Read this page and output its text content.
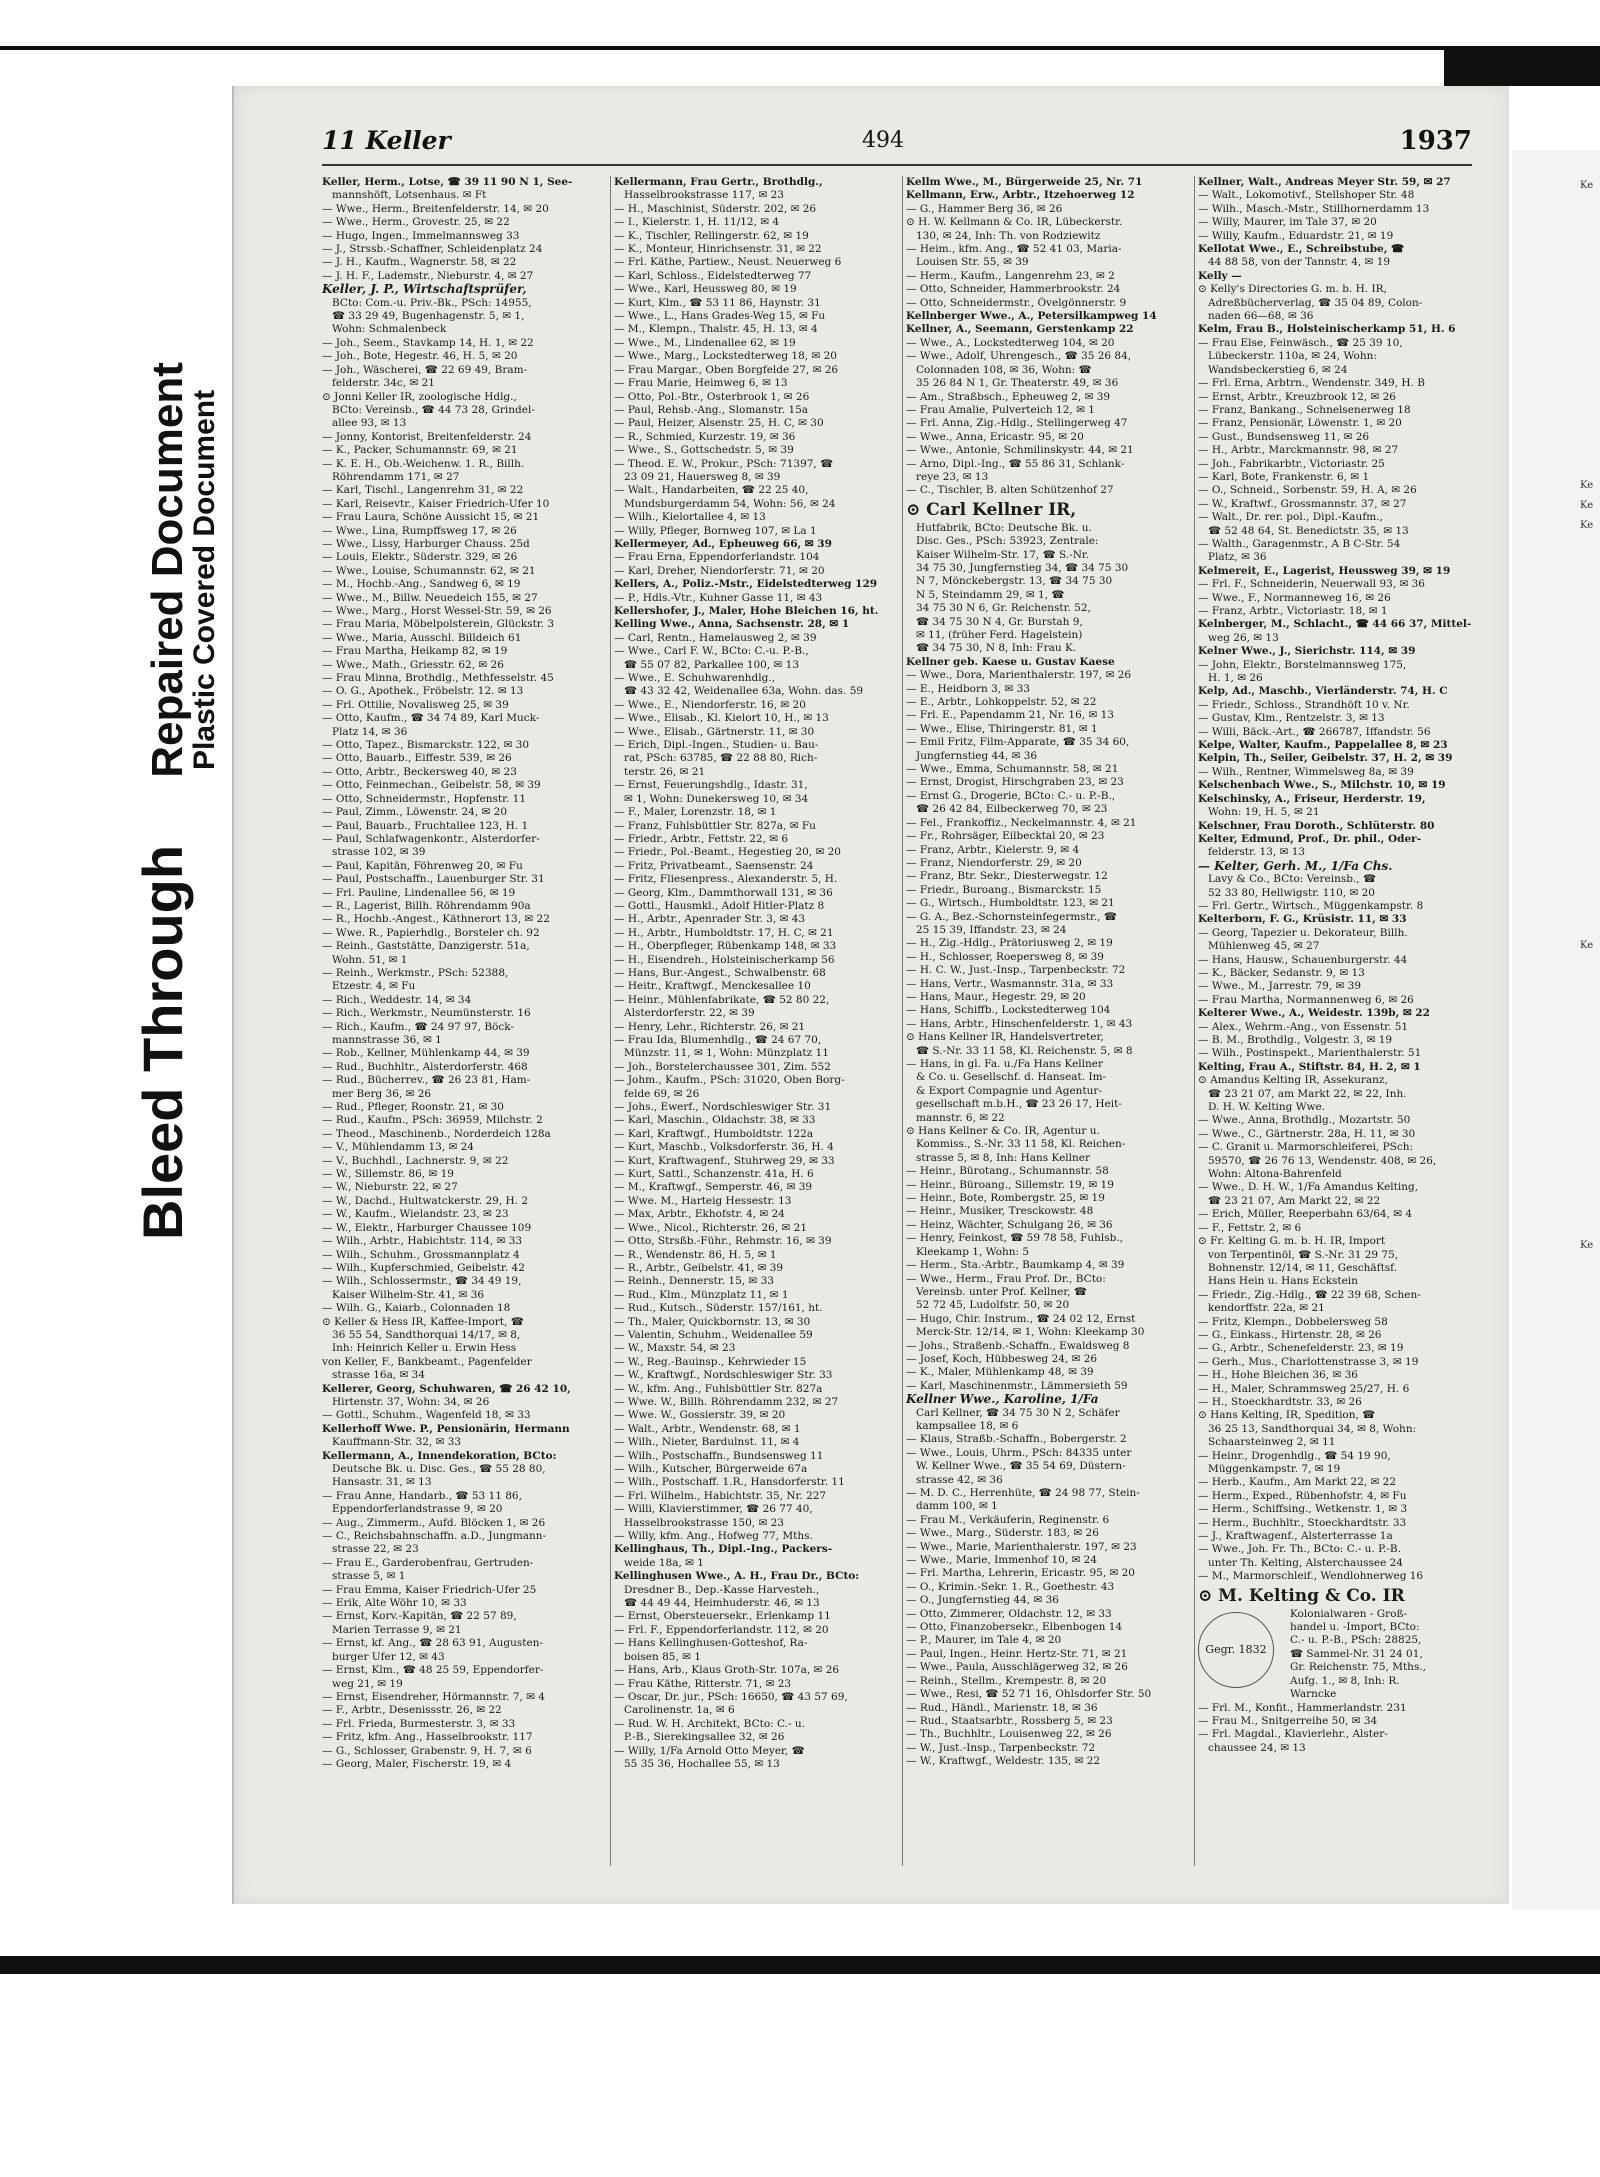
Bleed Through  Repaired Document
Plastic Covered Document
11 Keller	494	1937
Keller, Herm., Lotse, ☎ 39 11 90 N 1, See-
mannshöft, Lotsenhaus. ✉ Ft
— Wwe., Herm., Breitenfelderstr. 14, ✉ 20
— Wwe., Herm., Grovestr. 25, ✉ 22
— Hugo, Ingen., Immelmannsweg 33
— J., Strssb.-Schaffner, Schleidenplatz 24
— J. H., Kaufm., Wagnerstr. 58, ✉ 22
— J. H. F., Lademstr., Nieburstr. 4, ✉ 27
Keller, J. P., Wirtschaftsprüfer,
BCto: Com.-u. Priv.-Bk., PSch: 14955,
☎ 33 29 49, Bugenhagenstr. 5, ✉ 1,
Wohn: Schmalenbeck
— Joh., Seem., Stavkamp 14, H. 1, ✉ 22
— Joh., Bote, Hegestr. 46, H. 5, ✉ 20
— Joh., Wäscherei, ☎ 22 69 49, Bram-
felderstr. 34c, ✉ 21
⊙ Jonni Keller IR, zoologische Hdlg.,
BCto: Vereinsb., ☎ 44 73 28, Grindel-
allee 93, ✉ 13
— Jonny, Kontorist, Breitenfelderstr. 24
— K., Packer, Schumannstr. 69, ✉ 21
— K. E. H., Ob.-Weichenw. 1. R., Billh.
Röhrendamm 171, ✉ 27
— Karl, Tischl., Langenrehm 31, ✉ 22
— Karl, Reisevtr., Kaiser Friedrich-Ufer 10
— Frau Laura, Schöne Aussicht 15, ✉ 21
— Wwe., Lina, Rumpffsweg 17, ✉ 26
— Wwe., Lissy, Harburger Chauss. 25d
— Louis, Elektr., Süderstr. 329, ✉ 26
— Wwe., Louise, Schumannstr. 62, ✉ 21
— M., Hochb.-Ang., Sandweg 6, ✉ 19
— Wwe., M., Billw. Neuedeich 155, ✉ 27
— Wwe., Marg., Horst Wessel-Str. 59, ✉ 26
— Frau Maria, Möbelpolsterein, Glückstr. 3
— Wwe., Maria, Ausschl. Billdeich 61
— Frau Martha, Heikamp 82, ✉ 19
— Wwe., Math., Griesstr. 62, ✉ 26
— Frau Minna, Brothdlg., Methfesselstr. 45
— O. G., Apothek., Fröbelstr. 12. ✉ 13
— Frl. Ottilie, Novalisweg 25, ✉ 39
— Otto, Kaufm., ☎ 34 74 89, Karl Muck-
Platz 14, ✉ 36
— Otto, Tapez., Bismarckstr. 122, ✉ 30
— Otto, Bauarb., Eiffestr. 539, ✉ 26
— Otto, Arbtr., Beckersweg 40, ✉ 23
— Otto, Feinmechan., Geibelstr. 58, ✉ 39
— Otto, Schneidermstr., Hopfenstr. 11
— Paul, Zimm., Löwenstr. 24, ✉ 20
— Paul, Bauarb., Fruchtallee 123, H. 1
— Paul, Schlafwagenkontr., Alsterdorfer-
strasse 102, ✉ 39
— Paul, Kapitän, Föhrenweg 20, ✉ Fu
— Paul, Postschaffn., Lauenburger Str. 31
— Frl. Pauline, Lindenallee 56, ✉ 19
— R., Lagerist, Billh. Röhrendamm 90a
— R., Hochb.-Angest., Käthnerort 13, ✉ 22
— Wwe. R., Papierhdlg., Borsteler ch. 92
— Reinh., Gaststätte, Danzigerstr. 51a,
Wohn. 51, ✉ 1
— Reinh., Werkmstr., PSch: 52388,
Etzestr. 4, ✉ Fu
— Rich., Weddestr. 14, ✉ 34
— Rich., Werkmstr., Neumünsterstr. 16
— Rich., Kaufm., ☎ 24 97 97, Böck-
mannstrasse 36, ✉ 1
— Rob., Kellner, Mühlenkamp 44, ✉ 39
— Rud., Buchhltr., Alsterdorferstr. 468
— Rud., Bücherrev., ☎ 26 23 81, Ham-
mer Berg 36, ✉ 26
— Rud., Pfleger, Roonstr. 21, ✉ 30
— Rud., Kaufm., PSch: 36959, Milchstr. 2
— Theod., Maschinenb., Norderdeich 128a
— V., Mühlendamm 13, ✉ 24
— V., Buchhdl., Lachnerstr. 9, ✉ 22
— W., Sillemstr. 86, ✉ 19
— W., Nieburstr. 22, ✉ 27
— W., Dachd., Hultwatckerstr. 29, H. 2
— W., Kaufm., Wielandstr. 23, ✉ 23
— W., Elektr., Harburger Chaussee 109
— Wilh., Arbtr., Habichtstr. 114, ✉ 33
— Wilh., Schuhm., Grossmannplatz 4
— Wilh., Kupferschmied, Geibelstr. 42
— Wilh., Schlossermstr., ☎ 34 49 19,
Kaiser Wilhelm-Str. 41, ✉ 36
— Wilh. G., Kaiarb., Colonnaden 18
⊙ Keller & Hess IR, Kaffee-Import, ☎
36 55 54, Sandthorquai 14/17, ✉ 8,
Inh: Heinrich Keller u. Erwin Hess
von Keller, F., Bankbeamt., Pagenfelder
strasse 16a, ✉ 34
Kellerer, Georg, Schuhwaren, ☎ 26 42 10,
Hirtenstr. 37, Wohn: 34, ✉ 26
— Gottl., Schuhm., Wagenfeld 18, ✉ 33
Kellerhoff Wwe. P., Pensionärin, Hermann
Kauffmann-Str. 32, ✉ 33
Kellermann, A., Innendekoration, BCto:
Deutsche Bk. u. Disc. Ges., ☎ 55 28 80,
Hansastr. 31, ✉ 13
— Frau Anne, Handarb., ☎ 53 11 86,
Eppendorferlandstrasse 9, ✉ 20
— Aug., Zimmerm., Aufd. Blöcken 1, ✉ 26
— C., Reichsbahnschaffn. a.D., Jungmann-
strasse 22, ✉ 23
— Frau E., Garderobenfrau, Gertruden-
strasse 5, ✉ 1
— Frau Emma, Kaiser Friedrich-Ufer 25
— Erik, Alte Wöhr 10, ✉ 33
— Ernst, Korv.-Kapitän, ☎ 22 57 89,
Marien Terrasse 9, ✉ 21
— Ernst, kf. Ang., ☎ 28 63 91, Augusten-
burger Ufer 12, ✉ 43
— Ernst, Klm., ☎ 48 25 59, Eppendorfer-
weg 21, ✉ 19
— Ernst, Eisendreher, Hörmannstr. 7, ✉ 4
— F., Arbtr., Desenissstr. 26, ✉ 22
— Frl. Frieda, Burmesterstr. 3, ✉ 33
— Fritz, kfm. Ang., Hasselbrookstr. 117
— G., Schlosser, Grabenstr. 9, H. 7, ✉ 6
— Georg, Maler, Fischerstr. 19, ✉ 4
Kellermann, Frau Gertr., Brothdlg.,
Hasselbrookstrasse 117, ✉ 23
— H., Maschinist, Süderstr. 202, ✉ 26
— I., Kielerstr. 1, H. 11/12, ✉ 4
— K., Tischler, Rellingerstr. 62, ✉ 19
— K., Monteur, Hinrichsenstr. 31, ✉ 22
— Frl. Käthe, Partiew., Neust. Neuerweg 6
— Karl, Schloss., Eidelstedterweg 77
— Wwe., Karl, Heussweg 80, ✉ 19
— Kurt, Klm., ☎ 53 11 86, Haynstr. 31
— Wwe., L., Hans Grades-Weg 15, ✉ Fu
— M., Klempn., Thalstr. 45, H. 13, ✉ 4
— Wwe., M., Lindenallee 62, ✉ 19
— Wwe., Marg., Lockstedterweg 18, ✉ 20
— Frau Margar., Oben Borgfelde 27, ✉ 26
— Frau Marie, Heimweg 6, ✉ 13
— Otto, Pol.-Btr., Osterbrook 1, ✉ 26
— Paul, Rehsb.-Ang., Slomanstr. 15a
— Paul, Heizer, Alsenstr. 25, H. C, ✉ 30
— R., Schmied, Kurzestr. 19, ✉ 36
— Wwe., S., Gottschedstr. 5, ✉ 39
— Theod. E. W., Prokur., PSch: 71397, ☎
23 09 21, Hauersweg 8, ✉ 39
— Walt., Handarbeiten, ☎ 22 25 40,
Mundsburgerdamm 54, Wohn: 56, ✉ 24
— Wilh., Kielortallee 4, ✉ 13
— Willy, Pfleger, Bornweg 107, ✉ La 1
Kellermeyer, Ad., Epheuweg 66, ✉ 39
— Frau Erna, Eppendorferlandstr. 104
— Karl, Dreher, Niendorferstr. 71, ✉ 20
Kellers, A., Poliz.-Mstr., Eidelstedterweg 129
— P., Hdls.-Vtr., Kuhner Gasse 11, ✉ 43
Kellershofer, J., Maler, Hohe Bleichen 16, ht.
Kelling Wwe., Anna, Sachsenstr. 28, ✉ 1
— Carl, Rentn., Hamelausweg 2, ✉ 39
— Wwe., Carl F. W., BCto: C.-u. P.-B.,
☎ 55 07 82, Parkallee 100, ✉ 13
— Wwe., E. Schuhwarenhdlg.,
☎ 43 32 42, Weidenallee 63a, Wohn. das. 59
— Wwe., E., Niendorferstr. 16, ✉ 20
— Wwe., Elisab., Kl. Kielort 10, H., ✉ 13
— Wwe., Elisab., Gärtnerstr. 11, ✉ 30
— Erich, Dipl.-Ingen., Studien- u. Bau-
rat, PSch: 63785, ☎ 22 88 80, Rich-
terstr. 26, ✉ 21
— Ernst, Feuerungshdlg., Idastr. 31,
✉ 1, Wohn: Dunekersweg 10, ✉ 34
— F., Maler, Lorenzstr. 18, ✉ 1
— Franz, Fuhlsbüttler Str. 827a, ✉ Fu
— Friedr., Arbtr., Fettstr. 22, ✉ 6
— Friedr., Pol.-Beamt., Hegestieg 20, ✉ 20
— Fritz, Privatbeamt., Saensenstr. 24
— Fritz, Fliesenpress., Alexanderstr. 5, H.
— Georg, Klm., Dammthorwall 131, ✉ 36
— Gottl., Hausmkl., Adolf Hitler-Platz 8
— H., Arbtr., Apenrader Str. 3, ✉ 43
— H., Arbtr., Humboldtstr. 17, H. C, ✉ 21
— H., Oberpfleger, Rübenkamp 148, ✉ 33
— H., Eisendreh., Holsteinischerkamp 56
— Hans, Bur.-Angest., Schwalbenstr. 68
— Heitr., Kraftwgf., Menckesallee 10
— Heinr., Mühlenfabrikate, ☎ 52 80 22,
Alsterdorferstr. 22, ✉ 39
— Henry, Lehr., Richterstr. 26, ✉ 21
— Frau Ida, Blumenhdlg., ☎ 24 67 70,
Münzstr. 11, ✉ 1, Wohn: Münzplatz 11
— Joh., Borstelerchaussee 301, Zim. 552
— Johm., Kaufm., PSch: 31020, Oben Borg-
felde 69, ✉ 26
— Johs., Ewerf., Nordschleswiger Str. 31
— Karl, Maschin., Oldachstr. 38, ✉ 33
— Karl, Kraftwgf., Humboldtstr. 122a
— Kurt, Maschb., Volksdorferstr. 36, H. 4
— Kurt, Kraftwagenf., Stuhrweg 29, ✉ 33
— Kurt, Sattl., Schanzenstr. 41a, H. 6
— M., Kraftwgf., Semperstr. 46, ✉ 39
— Wwe. M., Harteig Hessestr. 13
— Max, Arbtr., Ekhofstr. 4, ✉ 24
— Wwe., Nicol., Richterstr. 26, ✉ 21
— Otto, Strsßb.-Führ., Rehmstr. 16, ✉ 39
— R., Wendenstr. 86, H. 5, ✉ 1
— R., Arbtr., Geibelstr. 41, ✉ 39
— Reinh., Dennerstr. 15, ✉ 33
— Rud., Klm., Münzplatz 11, ✉ 1
— Rud., Kutsch., Süderstr. 157/161, ht.
— Th., Maler, Quickbornstr. 13, ✉ 30
— Valentin, Schuhm., Weidenallee 59
— W., Maxstr. 54, ✉ 23
— W., Reg.-Bauinsp., Kehrwieder 15
— W., Kraftwgf., Nordschleswiger Str. 33
— W., kfm. Ang., Fuhlsbüttler Str. 827a
— Wwe. W., Billh. Röhrendamm 232, ✉ 27
— Wwe. W., Gossierstr. 39, ✉ 20
— Walt., Arbtr., Wendenstr. 68, ✉ 1
— Wilh., Nieter, Bardulnst. 11, ✉ 4
— Wilh., Postschaffn., Bundsensweg 11
— Wilh., Kutscher, Bürgerweide 67a
— Wilh., Postschaff. 1.R., Hansdorferstr. 11
— Frl. Wilhelm., Habichtstr. 35, Nr. 227
— Willi, Klavierstimmer, ☎ 26 77 40,
Hasselbrookstrasse 150, ✉ 23
— Willy, kfm. Ang., Hofweg 77, Mths.
Kellinghaus, Th., Dipl.-Ing., Packers-
weide 18a, ✉ 1
Kellinghusen Wwe., A. H., Frau Dr., BCto:
Dresdner B., Dep.-Kasse Harvesteh.,
☎ 44 49 44, Heimhuderstr. 46, ✉ 13
— Ernst, Obersteuersekr., Erlenkamp 11
— Frl. F., Eppendorferlandstr. 112, ✉ 20
— Hans Kellinghusen-Gotteshof, Ra-
boisen 85, ✉ 1
— Hans, Arb., Klaus Groth-Str. 107a, ✉ 26
— Frau Käthe, Ritterstr. 71, ✉ 23
— Oscar, Dr. jur., PSch: 16650, ☎ 43 57 69,
Carolinenstr. 1a, ✉ 6
— Rud. W. H. Architekt, BCto: C.- u.
P.-B., Sierekingsallee 32, ✉ 26
— Willy, 1/Fa Arnold Otto Meyer, ☎
55 35 36, Hochallee 55, ✉ 13
Kellm Wwe., M., Bürgerweide 25, Nr. 71
Kellmann, Erw., Arbtr., Itzehoerweg 12
— G., Hammer Berg 36, ✉ 26
⊙ H. W. Kellmann & Co. IR, Lübeckerstr.
130, ✉ 24, Inh: Th. von Rodziewitz
— Heim., kfm. Ang., ☎ 52 41 03, Maria-
Louisen Str. 55, ✉ 39
— Herm., Kaufm., Langenrehm 23, ✉ 2
— Otto, Schneider, Hammerbrookstr. 24
— Otto, Schneidermstr., Övelgönnerstr. 9
Kellnberger Wwe., A., Petersilkampweg 14
Kellner, A., Seemann, Gerstenkamp 22
— Wwe., A., Lockstedterweg 104, ✉ 20
— Wwe., Adolf, Uhrengesch., ☎ 35 26 84,
Colonnaden 108, ✉ 36, Wohn: ☎
35 26 84 N 1, Gr. Theaterstr. 49, ✉ 36
— Am., Straßbsch., Epheuweg 2, ✉ 39
— Frau Amalie, Pulverteich 12, ✉ 1
— Frl. Anna, Zig.-Hdlg., Stellingerweg 47
— Wwe., Anna, Ericastr. 95, ✉ 20
— Wwe., Antonie, Schmilinskystr. 44, ✉ 21
— Arno, Dipl.-Ing., ☎ 55 86 31, Schlank-
reye 23, ✉ 13
— C., Tischler, B. alten Schützenhof 27
⊙ Carl Kellner IR,
Hutfabrik, BCto: Deutsche Bk. u.
Disc. Ges., PSch: 53923, Zentrale:
Kaiser Wilhelm-Str. 17, ☎ S.-Nr.
34 75 30, Jungfernstieg 34, ☎ 34 75 30
N 7, Mönckebergstr. 13, ☎ 34 75 30
N 5, Steindamm 29, ✉ 1, ☎
34 75 30 N 6, Gr. Reichenstr. 52,
☎ 34 75 30 N 4, Gr. Burstah 9,
✉ 11, (früher Ferd. Hagelstein)
☎ 34 75 30, N 8, Inh: Frau K.
Kellner geb. Kaese u. Gustav Kaese
— Wwe., Dora, Marienthalerstr. 197, ✉ 26
— E., Heidborn 3, ✉ 33
— E., Arbtr., Lohkoppelstr. 52, ✉ 22
— Frl. E., Papendamm 21, Nr. 16, ✉ 13
— Wwe., Elise, Thiringerstr. 81, ✉ 1
— Emil Fritz, Film-Apparate, ☎ 35 34 60,
Jungfernstieg 44, ✉ 36
— Wwe., Emma, Schumannstr. 58, ✉ 21
— Ernst, Drogist, Hirschgraben 23, ✉ 23
— Ernst G., Drogerie, BCto: C.- u. P.-B.,
☎ 26 42 84, Eilbeckerweg 70, ✉ 23
— Fel., Frankoffiz., Neckelmannstr. 4, ✉ 21
— Fr., Rohrsäger, Eilbecktal 20, ✉ 23
— Franz, Arbtr., Kielerstr. 9, ✉ 4
— Franz, Niendorferstr. 29, ✉ 20
— Franz, Btr. Sekr., Diesterwegstr. 12
— Friedr., Buroang., Bismarckstr. 15
— G., Wirtsch., Humboldtstr. 123, ✉ 21
— G. A., Bez.-Schornsteinfegermstr., ☎
25 15 39, Iffandstr. 23, ✉ 24
— H., Zig.-Hdlg., Prätoriusweg 2, ✉ 19
— H., Schlosser, Roepersweg 8, ✉ 39
— H. C. W., Just.-Insp., Tarpenbeckstr. 72
— Hans, Vertr., Wasmannstr. 31a, ✉ 33
— Hans, Maur., Hegestr. 29, ✉ 20
— Hans, Schiffb., Lockstedterweg 104
— Hans, Arbtr., Hinschenfelderstr. 1, ✉ 43
⊙ Hans Kellner IR, Handelsvertreter,
☎ S.-Nr. 33 11 58, Kl. Reichenstr. 5, ✉ 8
— Hans, in gl. Fa. u./Fa Hans Kellner
& Co. u. Gesellschf. d. Hanseat. Im-
& Export Compagnie und Agentur-
gesellschaft m.b.H., ☎ 23 26 17, Heit-
mannstr. 6, ✉ 22
⊙ Hans Kellner & Co. IR, Agentur u.
Kommiss., S.-Nr. 33 11 58, Kl. Reichen-
strasse 5, ✉ 8, Inh: Hans Kellner
— Heinr., Bürotang., Schumannstr. 58
— Heinr., Büroang., Sillemstr. 19, ✉ 19
— Heinr., Bote, Rombergstr. 25, ✉ 19
— Heinr., Musiker, Tresckowstr. 48
— Heinz, Wächter, Schulgang 26, ✉ 36
— Henry, Feinkost, ☎ 59 78 58, Fuhlsb.,
Kleekamp 1, Wohn: 5
— Herm., Sta.-Arbtr., Baumkamp 4, ✉ 39
— Wwe., Herm., Frau Prof. Dr., BCto:
Vereinsb. unter Prof. Kellner, ☎
52 72 45, Ludolfstr. 50, ✉ 20
— Hugo, Chir. Instrum., ☎ 24 02 12, Ernst
Merck-Str. 12/14, ✉ 1, Wohn: Kleekamp 30
— Johs., Straßenb.-Schaffn., Ewaldsweg 8
— Josef, Koch, Hübbesweg 24, ✉ 26
— K., Maler, Mühlenkamp 48, ✉ 39
— Karl, Maschinenmstr., Lämmersieth 59
Kellner Wwe., Karoline, 1/Fa
Carl Kellner, ☎ 34 75 30 N 2, Schäfer
kampsallee 18, ✉ 6
— Klaus, Straßb.-Schaffn., Bobergerstr. 2
— Wwe., Louis, Uhrm., PSch: 84335 unter
W. Kellner Wwe., ☎ 35 54 69, Düstern-
strasse 42, ✉ 36
— M. D. C., Herrenhüte, ☎ 24 98 77, Stein-
damm 100, ✉ 1
— Frau M., Verkäuferin, Reginenstr. 6
— Wwe., Marg., Süderstr. 183, ✉ 26
— Wwe., Marie, Marienthalerstr. 197, ✉ 23
— Wwe., Marie, Immenhof 10, ✉ 24
— Frl. Martha, Lehrerin, Ericastr. 95, ✉ 20
— O., Krimin.-Sekr. 1. R., Goethestr. 43
— O., Jungfernstieg 44, ✉ 36
— Otto, Zimmerer, Oldachstr. 12, ✉ 33
— Otto, Finanzobersekr., Elbenbogen 14
— P., Maurer, im Tale 4, ✉ 20
— Paul, Ingen., Heinr. Hertz-Str. 71, ✉ 21
— Wwe., Paula, Ausschlägerweg 32, ✉ 26
— Reinh., Stellm., Krempestr. 8, ✉ 20
— Wwe., Resi, ☎ 52 71 16, Ohlsdorfer Str. 50
— Rud., Händl., Marienstr. 18, ✉ 36
— Rud., Staatsarbtr., Rossberg 5, ✉ 23
— Th., Buchhltr., Louisenweg 22, ✉ 26
— W., Just.-Insp., Tarpenbeckstr. 72
— W., Kraftwgf., Weldestr. 135, ✉ 22
Kellner, Walt., Andreas Meyer Str. 59, ✉ 27
— Walt., Lokomotivf., Stellshoper Str. 48
— Wilh., Masch.-Mstr., Stillhornerdamm 13
— Willy, Maurer, im Tale 37, ✉ 20
— Willy, Kaufm., Eduardstr. 21, ✉ 19
Kellotat Wwe., E., Schreibstube, ☎
44 88 58, von der Tannstr. 4, ✉ 19
Kelly —
⊙ Kelly's Directories G. m. b. H. IR,
Adreßbücherverlag, ☎ 35 04 89, Colon-
naden 66—68, ✉ 36
Kelm, Frau B., Holsteinischerkamp 51, H. 6
— Frau Else, Feinwäsch., ☎ 25 39 10,
Lübeckerstr. 110a, ✉ 24, Wohn:
Wandsbeckerstieg 6, ✉ 24
— Frl. Erna, Arbtrn., Wendenstr. 349, H. B
— Ernst, Arbtr., Kreuzbrook 12, ✉ 26
— Franz, Bankang., Schnelsenerweg 18
— Franz, Pensionär, Löwenstr. 1, ✉ 20
— Gust., Bundsensweg 11, ✉ 26
— H., Arbtr., Marckmannstr. 98, ✉ 27
— Joh., Fabrikarbtr., Victoriastr. 25
— Karl, Bote, Frankenstr. 6, ✉ 1
— O., Schneid., Sorbenstr. 59, H. A, ✉ 26
— W., Kraftwf., Grossmannstr. 37, ✉ 27
— Walt., Dr. rer. pol., Dipl.-Kaufm.,
☎ 52 48 64, St. Benedictstr. 35, ✉ 13
— Walth., Garagenmstr., A B C-Str. 54
Platz, ✉ 36
Kelmereit, E., Lagerist, Heussweg 39, ✉ 19
— Frl. F., Schneiderin, Neuerwall 93, ✉ 36
— Wwe., F., Normanneweg 16, ✉ 26
— Franz, Arbtr., Victoriastr. 18, ✉ 1
Kelnberger, M., Schlacht., ☎ 44 66 37, Mittel-
weg 26, ✉ 13
Kelner Wwe., J., Sierichstr. 114, ✉ 39
— John, Elektr., Borstelmannsweg 175,
H. 1, ✉ 26
Kelp, Ad., Maschb., Vierländerstr. 74, H. C
— Friedr., Schloss., Strandhöft 10 v. Nr.
— Gustav, Klm., Rentzelstr. 3, ✉ 13
— Willi, Bäck.-Art., ☎ 266787, Iffandstr. 56
Kelpe, Walter, Kaufm., Pappelallee 8, ✉ 23
Kelpin, Th., Seiler, Geibelstr. 37, H. 2, ✉ 39
— Wilh., Rentner, Wimmelsweg 8a, ✉ 39
Kelschenbach Wwe., S., Milchstr. 10, ✉ 19
Kelschinsky, A., Friseur, Herderstr. 19,
Wohn: 19, H. 5, ✉ 21
Kelschner, Frau Doroth., Schlüterstr. 80
Kelter, Edmund, Prof., Dr. phil., Oder-
felderstr. 13, ✉ 13
— Kelter, Gerh. M., 1/Fa Chs.
Lavy & Co., BCto: Vereinsb., ☎
52 33 80, Hellwigstr. 110, ✉ 20
— Frl. Gertr., Wirtsch., Müggenkampstr. 8
Kelterborn, F. G., Krüsistr. 11, ✉ 33
— Georg, Tapezier u. Dekorateur, Billh.
Mühlenweg 45, ✉ 27
— Hans, Hausw., Schauenburgerstr. 44
— K., Bäcker, Sedanstr. 9, ✉ 13
— Wwe., M., Jarrestr. 79, ✉ 39
— Frau Martha, Normannenweg 6, ✉ 26
Kelterer Wwe., A., Weidestr. 139b, ✉ 22
— Alex., Wehrm.-Ang., von Essenstr. 51
— B. M., Brothdlg., Volgestr. 3, ✉ 19
— Wilh., Postinspekt., Marienthalerstr. 51
Kelting, Frau A., Stiftstr. 84, H. 2, ✉ 1
⊙ Amandus Kelting IR, Assekuranz,
☎ 23 21 07, am Markt 22, ✉ 22, Inh.
D. H. W. Kelting Wwe.
— Wwe., Anna, Brothdlg., Mozartstr. 50
— Wwe., C., Gärtnerstr. 28a, H. 11, ✉ 30
— C. Granit u. Marmorschleiferei, PSch:
59570, ☎ 26 76 13, Wendenstr. 408, ✉ 26,
Wohn: Altona-Bahrenfeld
— Wwe., D. H. W., 1/Fa Amandus Kelting,
☎ 23 21 07, Am Markt 22, ✉ 22
— Erich, Müller, Reeperbahn 63/64, ✉ 4
— F., Fettstr. 2, ✉ 6
⊙ Fr. Kelting G. m. b. H. IR, Import
von Terpentinöl, ☎ S.-Nr. 31 29 75,
Bohnenstr. 12/14, ✉ 11, Geschäftsf.
Hans Hein u. Hans Eckstein
— Friedr., Zig.-Hdlg., ☎ 22 39 68, Schen-
kendorffstr. 22a, ✉ 21
— Fritz, Klempn., Dobbelersweg 58
— G., Einkass., Hirtenstr. 28, ✉ 26
— G., Arbtr., Schenefelderstr. 23, ✉ 19
— Gerh., Mus., Charlottenstrasse 3, ✉ 19
— H., Hohe Bleichen 36, ✉ 36
— H., Maler, Schrammsweg 25/27, H. 6
— H., Stoeckhardtstr. 33, ✉ 26
⊙ Hans Kelting, IR, Spedition, ☎
36 25 13, Sandthorquai 34, ✉ 8, Wohn:
Schaarsteinweg 2, ✉ 11
— Heinr., Drogenhdlg., ☎ 54 19 90,
Müggenkampstr. 7, ✉ 19
— Herb., Kaufm., Am Markt 22, ✉ 22
— Herm., Exped., Rübenhofstr. 4, ✉ Fu
— Herm., Schiffsing., Wetkenstr. 1, ✉ 3
— Herm., Buchhltr., Stoeckhardtstr. 33
— J., Kraftwagenf., Alsterterrasse 1a
— Wwe., Joh. Fr. Th., BCto: C.- u. P.-B.
unter Th. Kelting, Alsterchaussee 24
— M., Marmorschleif., Wendlohnerweg 16
⊙ M. Kelting & Co. IR
Gegr. 1832
Kolonialwaren - Groß-
handel u. -Import, BCto:
C.- u. P.-B., PSch: 28825,
☎ Sammel-Nr. 31 24 01,
Gr. Reichenstr. 75, Mths.,
Aufg. 1., ✉ 8, Inh: R.
Warncke
— Frl. M., Konfit., Hammerlandstr. 231
— Frau M., Snitgerreihe 50, ✉ 34
— Frl. Magdal., Klavierlehr., Alster-
chaussee 24, ✉ 13
Ke
Ke
Ke
Ke
Ke
Ke
